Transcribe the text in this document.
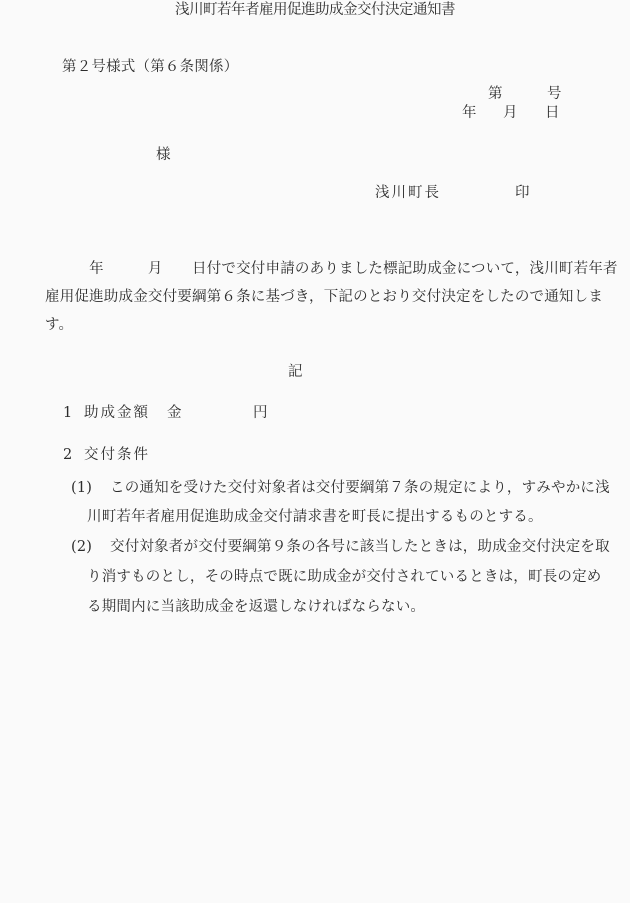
第２号様式（第６条関係）
第	号
年 月 日
様
浅川町長	印
浅川町若年者雇用促進助成金交付決定通知書
　　　年　　　月　　日付で交付申請のありました標記助成金について，浅川町若年者
雇用促進助成金交付要綱第６条に基づき，下記のとおり交付決定をしたので通知しま
す。
記
1 助成金額 金	円
2 交付条件
(1) この通知を受けた交付対象者は交付要綱第７条の規定により，すみやかに浅
川町若年者雇用促進助成金交付請求書を町長に提出するものとする。
(2) 交付対象者が交付要綱第９条の各号に該当したときは，助成金交付決定を取
り消すものとし，その時点で既に助成金が交付されているときは，町長の定め
る期間内に当該助成金を返還しなければならない。
